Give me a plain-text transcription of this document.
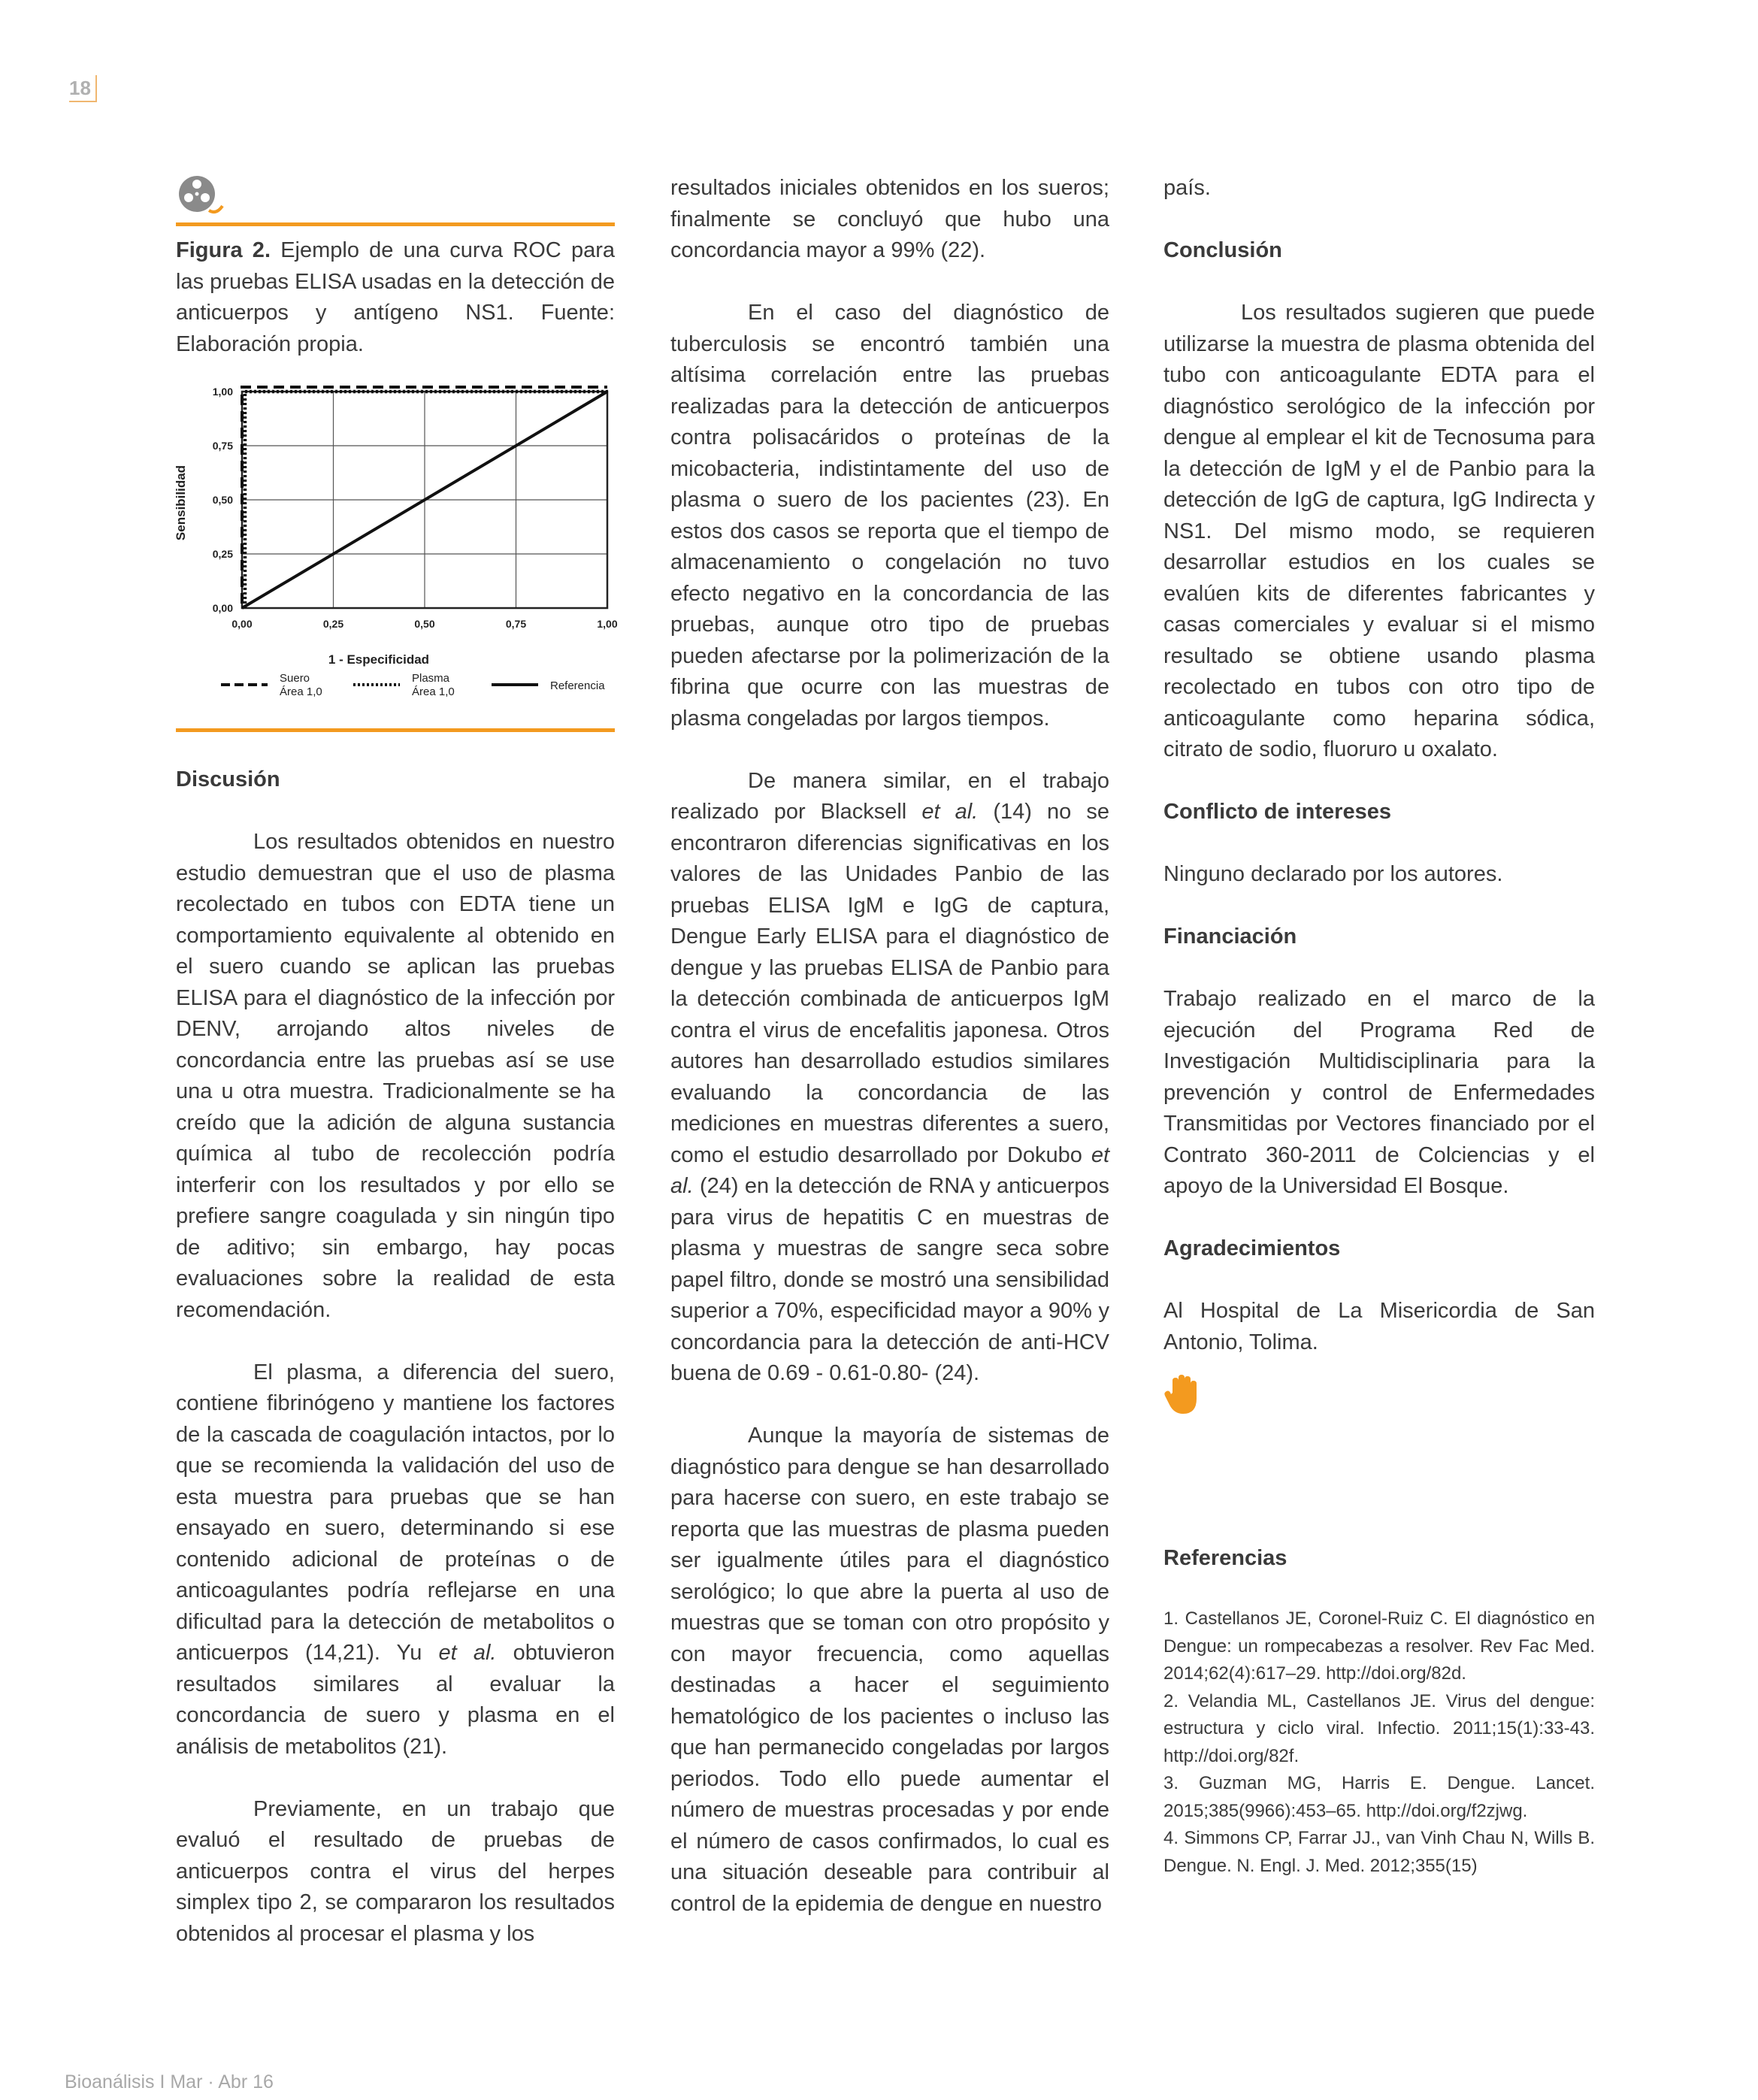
18
Figura 2. Ejemplo de una curva ROC para las pruebas ELISA usadas en la detección de anticuerpos y antígeno NS1. Fuente: Elaboración propia.
0,00
0,00
0,25
0,25
0,50
0,50
0,75
0,75
1,00
1,00
Sensibilidad
1 - Especificidad
Suero
Área 1,0
Plasma
Área 1,0	Referencia
Discusión

Los resultados obtenidos en nuestro estudio demuestran que el uso de plasma recolectado en tubos con EDTA tiene un comportamiento equivalente al obtenido en el suero cuando se aplican las pruebas ELISA para el diagnóstico de la infección por DENV, arrojando altos niveles de concordancia entre las pruebas así se use una u otra muestra. Tradicionalmente se ha creído que la adición de alguna sustancia química al tubo de recolección podría interferir con los resultados y por ello se prefiere sangre coagulada y sin ningún tipo de aditivo; sin embargo, hay pocas evaluaciones sobre la realidad de esta recomendación.

El plasma, a diferencia del suero, contiene fibrinógeno y mantiene los factores de la cascada de coagulación intactos, por lo que se recomienda la validación del uso de esta muestra para pruebas que se han ensayado en suero, determinando si ese contenido adicional de proteínas o de anticoagulantes podría reflejarse en una dificultad para la detección de metabolitos o anticuerpos (14,21). Yu et al. obtuvieron resultados similares al evaluar la concordancia de suero y plasma en el análisis de metabolitos (21).

Previamente, en un trabajo que evaluó el resultado de pruebas de anticuerpos contra el virus del herpes simplex tipo 2, se compararon los resultados obtenidos al procesar el plasma y los

resultados iniciales obtenidos en los sueros; finalmente se concluyó que hubo una concordancia mayor a 99% (22).

En el caso del diagnóstico de tuberculosis se encontró también una altísima correlación entre las pruebas realizadas para la detección de anticuerpos contra polisacáridos o proteínas de la micobacteria, indistintamente del uso de plasma o suero de los pacientes (23). En estos dos casos se reporta que el tiempo de almacenamiento o congelación no tuvo efecto negativo en la concordancia de las pruebas, aunque otro tipo de pruebas pueden afectarse por la polimerización de la fibrina que ocurre con las muestras de plasma congeladas por largos tiempos.

De manera similar, en el trabajo realizado por Blacksell et al. (14) no se encontraron diferencias significativas en los valores de las Unidades Panbio de las pruebas ELISA IgM e IgG de captura, Dengue Early ELISA para el diagnóstico de dengue y las pruebas ELISA de Panbio para la detección combinada de anticuerpos IgM contra el virus de encefalitis japonesa. Otros autores han desarrollado estudios similares evaluando la concordancia de las mediciones en muestras diferentes a suero, como el estudio desarrollado por Dokubo et al. (24) en la detección de RNA y anticuerpos para virus de hepatitis C en muestras de plasma y muestras de sangre seca sobre papel filtro, donde se mostró una sensibilidad superior a 70%, especificidad mayor a 90% y concordancia para la detección de anti-HCV buena de 0.69 - 0.61-0.80- (24).

Aunque la mayoría de sistemas de diagnóstico para dengue se han desarrollado para hacerse con suero, en este trabajo se reporta que las muestras de plasma pueden ser igualmente útiles para el diagnóstico serológico; lo que abre la puerta al uso de muestras que se toman con otro propósito y con mayor frecuencia, como aquellas destinadas a hacer el seguimiento hematológico de los pacientes o incluso las que han permanecido congeladas por largos periodos. Todo ello puede aumentar el número de muestras procesadas y por ende el número de casos confirmados, lo cual es una situación deseable para contribuir al control de la epidemia de dengue en nuestro

país.

Conclusión

Los resultados sugieren que puede utilizarse la muestra de plasma obtenida del tubo con anticoagulante EDTA para el diagnóstico serológico de la infección por dengue al emplear el kit de Tecnosuma para la detección de IgM y el de Panbio para la detección de IgG de captura, IgG Indirecta y NS1. Del mismo modo, se requieren desarrollar estudios en los cuales se evalúen kits de diferentes fabricantes y casas comerciales y evaluar si el mismo resultado se obtiene usando plasma recolectado en tubos con otro tipo de anticoagulante como heparina sódica, citrato de sodio, fluoruro u oxalato.

Conflicto de intereses

Ninguno declarado por los autores.

Financiación

Trabajo realizado en el marco de la ejecución del Programa Red de Investigación Multidisciplinaria para la prevención y control de Enfermedades Transmitidas por Vectores financiado por el Contrato 360-2011 de Colciencias y el apoyo de la Universidad El Bosque.

Agradecimientos

Al Hospital de La Misericordia de San Antonio, Tolima.

Referencias
1. Castellanos JE, Coronel-Ruiz C. El diagnóstico en Dengue: un rompecabezas a resolver. Rev Fac Med. 2014;62(4):617–29. http://doi.org/82d.
2. Velandia ML, Castellanos JE. Virus del dengue: estructura y ciclo viral. Infectio. 2011;15(1):33-43. http://doi.org/82f.
3. Guzman MG, Harris E. Dengue. Lancet. 2015;385(9966):453–65. http://doi.org/f2zjwg.
4. Simmons CP, Farrar JJ., van Vinh Chau N, Wills B. Dengue. N. Engl. J. Med. 2012;355(15)
Bioanálisis I Mar · Abr 16
